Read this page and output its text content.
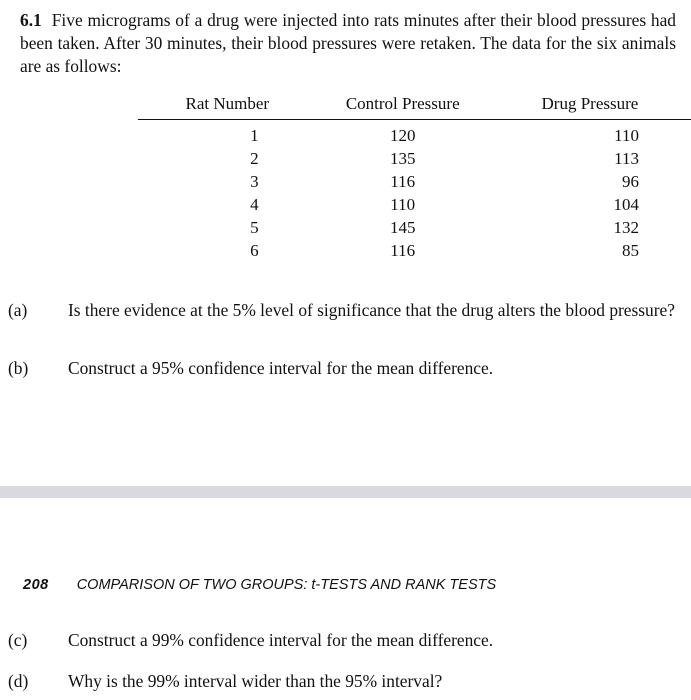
6.1 Five micrograms of a drug were injected into rats minutes after their blood pressures had been taken. After 30 minutes, their blood pressures were retaken. The data for the six animals are as follows:

Rat Number	Control Pressure	Drug Pressure
1	120	110
2	135	113
3	116	96
4	110	104
5	145	132
6	116	85

(a) Is there evidence at the 5% level of significance that the drug alters the blood pressure?

(b) Construct a 95% confidence interval for the mean difference.

208 COMPARISON OF TWO GROUPS: t-TESTS AND RANK TESTS

(c) Construct a 99% confidence interval for the mean difference.

(d) Why is the 99% interval wider than the 95% interval?
